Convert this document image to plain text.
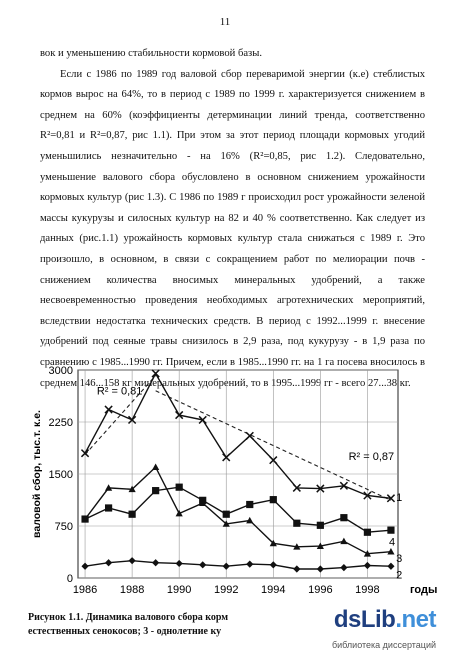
11

вок и уменьшению стабильности кормовой базы.

Если с 1986 по 1989 год валовой сбор переваримой энергии (к.е) стеблистых кормов вырос на 64%, то в период с 1989 по 1999 г. характеризуется снижением в среднем на 60% (коэффициенты детерминации линий тренда, соответственно R²=0,81 и R²=0,87, рис 1.1). При этом за этот период площади кормовых угодий уменьшились незначительно - на 16% (R²=0,85, рис 1.2). Следовательно, уменьшение валового сбора обусловлено в основном снижением урожайности кормовых культур (рис 1.3). С 1986 по 1989 г происходил рост урожайности зеленой массы кукурузы и силосных культур на 82 и 40 % соответственно. Как следует из данных (рис.1.1) урожайность кормовых культур стала снижаться с 1989 г. Это произошло, в основном, в связи с сокращением работ по мелиорации почв - снижением количества вносимых минеральных удобрений, а также несвоевременностью проведения необходимых агротехнических мероприятий, вследствии недостатка технических средств. В период с 1992...1999 г. внесение удобрений под сеяные травы снизилось в 2,9 раза, под кукурузу - в 1,9 раза по сравнению с 1985...1990 гг. Причем, если в 1985...1990 гг. на 1 га посева вносилось в среднем 146...158 кг минеральных удобрений, то в 1995...1999 гг - всего 27...38 кг.

0
750
1500
2250
3000
1986 1988 1990 1992 1994 1996 1998
валовой сбор, тыс.т. к.е.
годы
R² = 0,81
R² = 0,87
1
2
3
4
Рисунок 1.1. Динамика валового сбора корм
естественных сенокосов; 3 - однолетние ку	dsLib.net
библиотека диссертаций
